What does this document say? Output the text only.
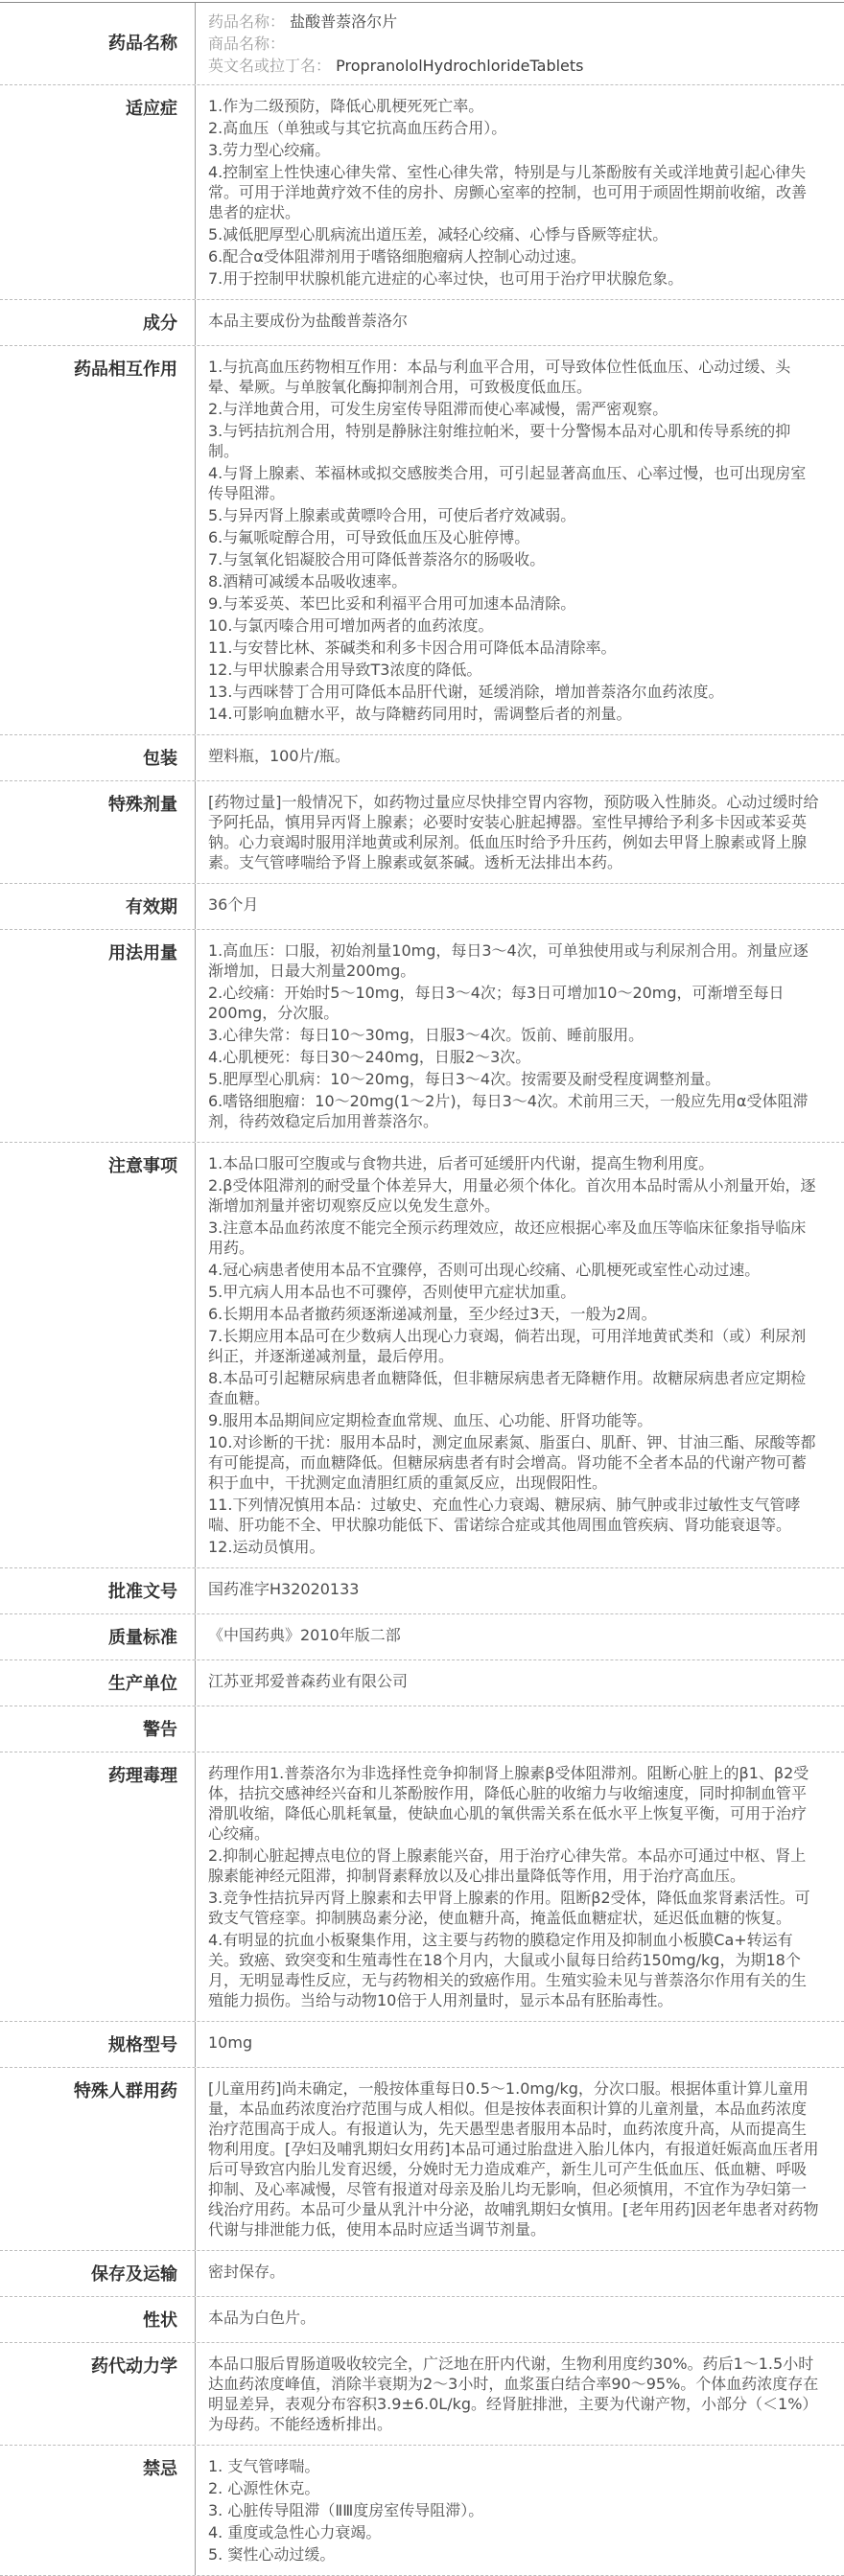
药品名称
药品名称： 盐酸普萘洛尔片
商品名称：
英文名或拉丁名： PropranololHydrochlorideTablets
适应症	1.作为二级预防，降低心肌梗死死亡率。
2.高血压（单独或与其它抗高血压药合用）。
3.劳力型心绞痛。
4.控制室上性快速心律失常、室性心律失常，特别是与儿茶酚胺有关或洋地黄引起心律失常。可用于洋地黄疗效不佳的房扑、房颤心室率的控制，也可用于顽固性期前收缩，改善患者的症状。
5.减低肥厚型心肌病流出道压差，减轻心绞痛、心悸与昏厥等症状。
6.配合α受体阻滞剂用于嗜铬细胞瘤病人控制心动过速。
7.用于控制甲状腺机能亢进症的心率过快，也可用于治疗甲状腺危象。
成分	本品主要成份为盐酸普萘洛尔
药品相互作用	1.与抗高血压药物相互作用：本品与利血平合用，可导致体位性低血压、心动过缓、头晕、晕厥。与单胺氧化酶抑制剂合用，可致极度低血压。
2.与洋地黄合用，可发生房室传导阻滞而使心率减慢，需严密观察。
3.与钙拮抗剂合用，特别是静脉注射维拉帕米，要十分警惕本品对心肌和传导系统的抑制。
4.与肾上腺素、苯福林或拟交感胺类合用，可引起显著高血压、心率过慢，也可出现房室传导阻滞。
5.与异丙肾上腺素或黄嘌呤合用，可使后者疗效减弱。
6.与氟哌啶醇合用，可导致低血压及心脏停博。
7.与氢氧化铝凝胶合用可降低普萘洛尔的肠吸收。
8.酒精可减缓本品吸收速率。
9.与苯妥英、苯巴比妥和利福平合用可加速本品清除。
10.与氯丙嗪合用可增加两者的血药浓度。
11.与安替比林、茶碱类和利多卡因合用可降低本品清除率。
12.与甲状腺素合用导致T3浓度的降低。
13.与西咪替丁合用可降低本品肝代谢，延缓消除，增加普萘洛尔血药浓度。
14.可影响血糖水平，故与降糖药同用时，需调整后者的剂量。
包装	塑料瓶，100片/瓶。
特殊剂量	[药物过量]一般情况下，如药物过量应尽快排空胃内容物，预防吸入性肺炎。心动过缓时给予阿托品，慎用异丙肾上腺素；必要时安装心脏起搏器。室性早搏给予利多卡因或苯妥英钠。心力衰竭时服用洋地黄或利尿剂。低血压时给予升压药，例如去甲肾上腺素或肾上腺素。支气管哮喘给予肾上腺素或氨茶碱。透析无法排出本药。
有效期	36个月
用法用量	1.高血压：口服，初始剂量10mg，每日3～4次，可单独使用或与利尿剂合用。剂量应逐渐增加，日最大剂量200mg。
2.心绞痛：开始时5～10mg，每日3～4次；每3日可增加10～20mg，可渐增至每日200mg，分次服。
3.心律失常：每日10～30mg，日服3～4次。饭前、睡前服用。
4.心肌梗死：每日30～240mg，日服2～3次。
5.肥厚型心肌病：10～20mg，每日3～4次。按需要及耐受程度调整剂量。
6.嗜铬细胞瘤：10～20mg(1～2片)，每日3～4次。术前用三天，一般应先用α受体阻滞剂，待药效稳定后加用普萘洛尔。
注意事项	1.本品口服可空腹或与食物共进，后者可延缓肝内代谢，提高生物利用度。
2.β受体阻滞剂的耐受量个体差异大，用量必须个体化。首次用本品时需从小剂量开始，逐渐增加剂量并密切观察反应以免发生意外。
3.注意本品血药浓度不能完全预示药理效应，故还应根据心率及血压等临床征象指导临床用药。
4.冠心病患者使用本品不宜骤停，否则可出现心绞痛、心肌梗死或室性心动过速。
5.甲亢病人用本品也不可骤停，否则使甲亢症状加重。
6.长期用本品者撤药须逐渐递减剂量，至少经过3天，一般为2周。
7.长期应用本品可在少数病人出现心力衰竭，倘若出现，可用洋地黄甙类和（或）利尿剂纠正，并逐渐递减剂量，最后停用。
8.本品可引起糖尿病患者血糖降低，但非糖尿病患者无降糖作用。故糖尿病患者应定期检查血糖。
9.服用本品期间应定期检查血常规、血压、心功能、肝肾功能等。
10.对诊断的干扰：服用本品时，测定血尿素氮、脂蛋白、肌酐、钾、甘油三酯、尿酸等都有可能提高，而血糖降低。但糖尿病患者有时会增高。肾功能不全者本品的代谢产物可蓄积于血中，干扰测定血清胆红质的重氮反应，出现假阳性。
11.下列情况慎用本品：过敏史、充血性心力衰竭、糖尿病、肺气肿或非过敏性支气管哮喘、肝功能不全、甲状腺功能低下、雷诺综合症或其他周围血管疾病、肾功能衰退等。
12.运动员慎用。
批准文号	国药准字H32020133
质量标准	《中国药典》2010年版二部
生产单位	江苏亚邦爱普森药业有限公司
警告
药理毒理	药理作用1.普萘洛尔为非选择性竞争抑制肾上腺素β受体阻滞剂。阻断心脏上的β1、β2受体，拮抗交感神经兴奋和儿茶酚胺作用，降低心脏的收缩力与收缩速度，同时抑制血管平滑肌收缩，降低心肌耗氧量，使缺血心肌的氧供需关系在低水平上恢复平衡，可用于治疗心绞痛。
2.抑制心脏起搏点电位的肾上腺素能兴奋，用于治疗心律失常。本品亦可通过中枢、肾上腺素能神经元阻滞，抑制肾素释放以及心排出量降低等作用，用于治疗高血压。
3.竞争性拮抗异丙肾上腺素和去甲肾上腺素的作用。阻断β2受体，降低血浆肾素活性。可致支气管痉挛。抑制胰岛素分泌，使血糖升高，掩盖低血糖症状，延迟低血糖的恢复。
4.有明显的抗血小板聚集作用，这主要与药物的膜稳定作用及抑制血小板膜Ca+转运有关。致癌、致突变和生殖毒性在18个月内，大鼠或小鼠每日给药150mg/kg，为期18个月，无明显毒性反应，无与药物相关的致癌作用。生殖实验未见与普萘洛尔作用有关的生殖能力损伤。当给与动物10倍于人用剂量时，显示本品有胚胎毒性。
规格型号	10mg
特殊人群用药	[儿童用药]尚未确定，一般按体重每日0.5～1.0mg/kg，分次口服。根据体重计算儿童用量，本品血药浓度治疗范围与成人相似。但是按体表面积计算的儿童剂量，本品血药浓度治疗范围高于成人。有报道认为，先天愚型患者服用本品时，血药浓度升高，从而提高生物利用度。[孕妇及哺乳期妇女用药]本品可通过胎盘进入胎儿体内，有报道妊娠高血压者用后可导致宫内胎儿发育迟缓，分娩时无力造成难产，新生儿可产生低血压、低血糖、呼吸抑制、及心率减慢，尽管有报道对母亲及胎儿均无影响，但必须慎用，不宜作为孕妇第一线治疗用药。本品可少量从乳汁中分泌，故哺乳期妇女慎用。[老年用药]因老年患者对药物代谢与排泄能力低，使用本品时应适当调节剂量。
保存及运输	密封保存。
性状	本品为白色片。
药代动力学	本品口服后胃肠道吸收较完全，广泛地在肝内代谢，生物利用度约30%。药后1～1.5小时达血药浓度峰值，消除半衰期为2～3小时，血浆蛋白结合率90～95%。个体血药浓度存在明显差异，表观分布容积3.9±6.0L/kg。经肾脏排泄，主要为代谢产物，小部分（＜1%）为母药。不能经透析排出。
禁忌	1. 支气管哮喘。
2. 心源性休克。
3. 心脏传导阻滞（ⅡⅢ度房室传导阻滞）。
4. 重度或急性心力衰竭。
5. 窦性心动过缓。
